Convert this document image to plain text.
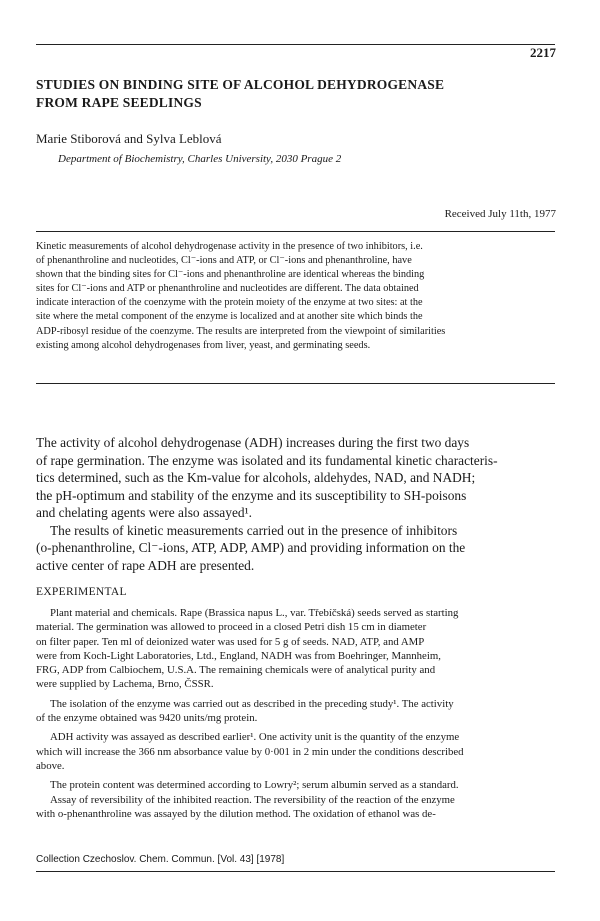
2217
STUDIES ON BINDING SITE OF ALCOHOL DEHYDROGENASE
FROM RAPE SEEDLINGS
Marie Stiborová and Sylva Leblová
Department of Biochemistry, Charles University, 2030 Prague 2
Received July 11th, 1977
Kinetic measurements of alcohol dehydrogenase activity in the presence of two inhibitors, i.e.
of phenanthroline and nucleotides, Cl⁻-ions and ATP, or Cl⁻-ions and phenanthroline, have
shown that the binding sites for Cl⁻-ions and phenanthroline are identical whereas the binding
sites for Cl⁻-ions and ATP or phenanthroline and nucleotides are different. The data obtained
indicate interaction of the coenzyme with the protein moiety of the enzyme at two sites: at the
site where the metal component of the enzyme is localized and at another site which binds the
ADP-ribosyl residue of the coenzyme. The results are interpreted from the viewpoint of similarities
existing among alcohol dehydrogenases from liver, yeast, and germinating seeds.
The activity of alcohol dehydrogenase (ADH) increases during the first two days
of rape germination. The enzyme was isolated and its fundamental kinetic characteris-
tics determined, such as the Km-value for alcohols, aldehydes, NAD, and NADH;
the pH-optimum and stability of the enzyme and its susceptibility to SH-poisons
and chelating agents were also assayed¹.
The results of kinetic measurements carried out in the presence of inhibitors
(o-phenanthroline, Cl⁻-ions, ATP, ADP, AMP) and providing information on the
active center of rape ADH are presented.
EXPERIMENTAL
Plant material and chemicals. Rape (Brassica napus L., var. Třebíčská) seeds served as starting
material. The germination was allowed to proceed in a closed Petri dish 15 cm in diameter
on filter paper. Ten ml of deionized water was used for 5 g of seeds. NAD, ATP, and AMP
were from Koch-Light Laboratories, Ltd., England, NADH was from Boehringer, Mannheim,
FRG, ADP from Calbiochem, U.S.A. The remaining chemicals were of analytical purity and
were supplied by Lachema, Brno, ČSSR.
The isolation of the enzyme was carried out as described in the preceding study¹. The activity
of the enzyme obtained was 9420 units/mg protein.
ADH activity was assayed as described earlier¹. One activity unit is the quantity of the enzyme
which will increase the 366 nm absorbance value by 0·001 in 2 min under the conditions described
above.
The protein content was determined according to Lowry²; serum albumin served as a standard.
Assay of reversibility of the inhibited reaction. The reversibility of the reaction of the enzyme
with o-phenanthroline was assayed by the dilution method. The oxidation of ethanol was de-
Collection Czechoslov. Chem. Commun. [Vol. 43] [1978]
